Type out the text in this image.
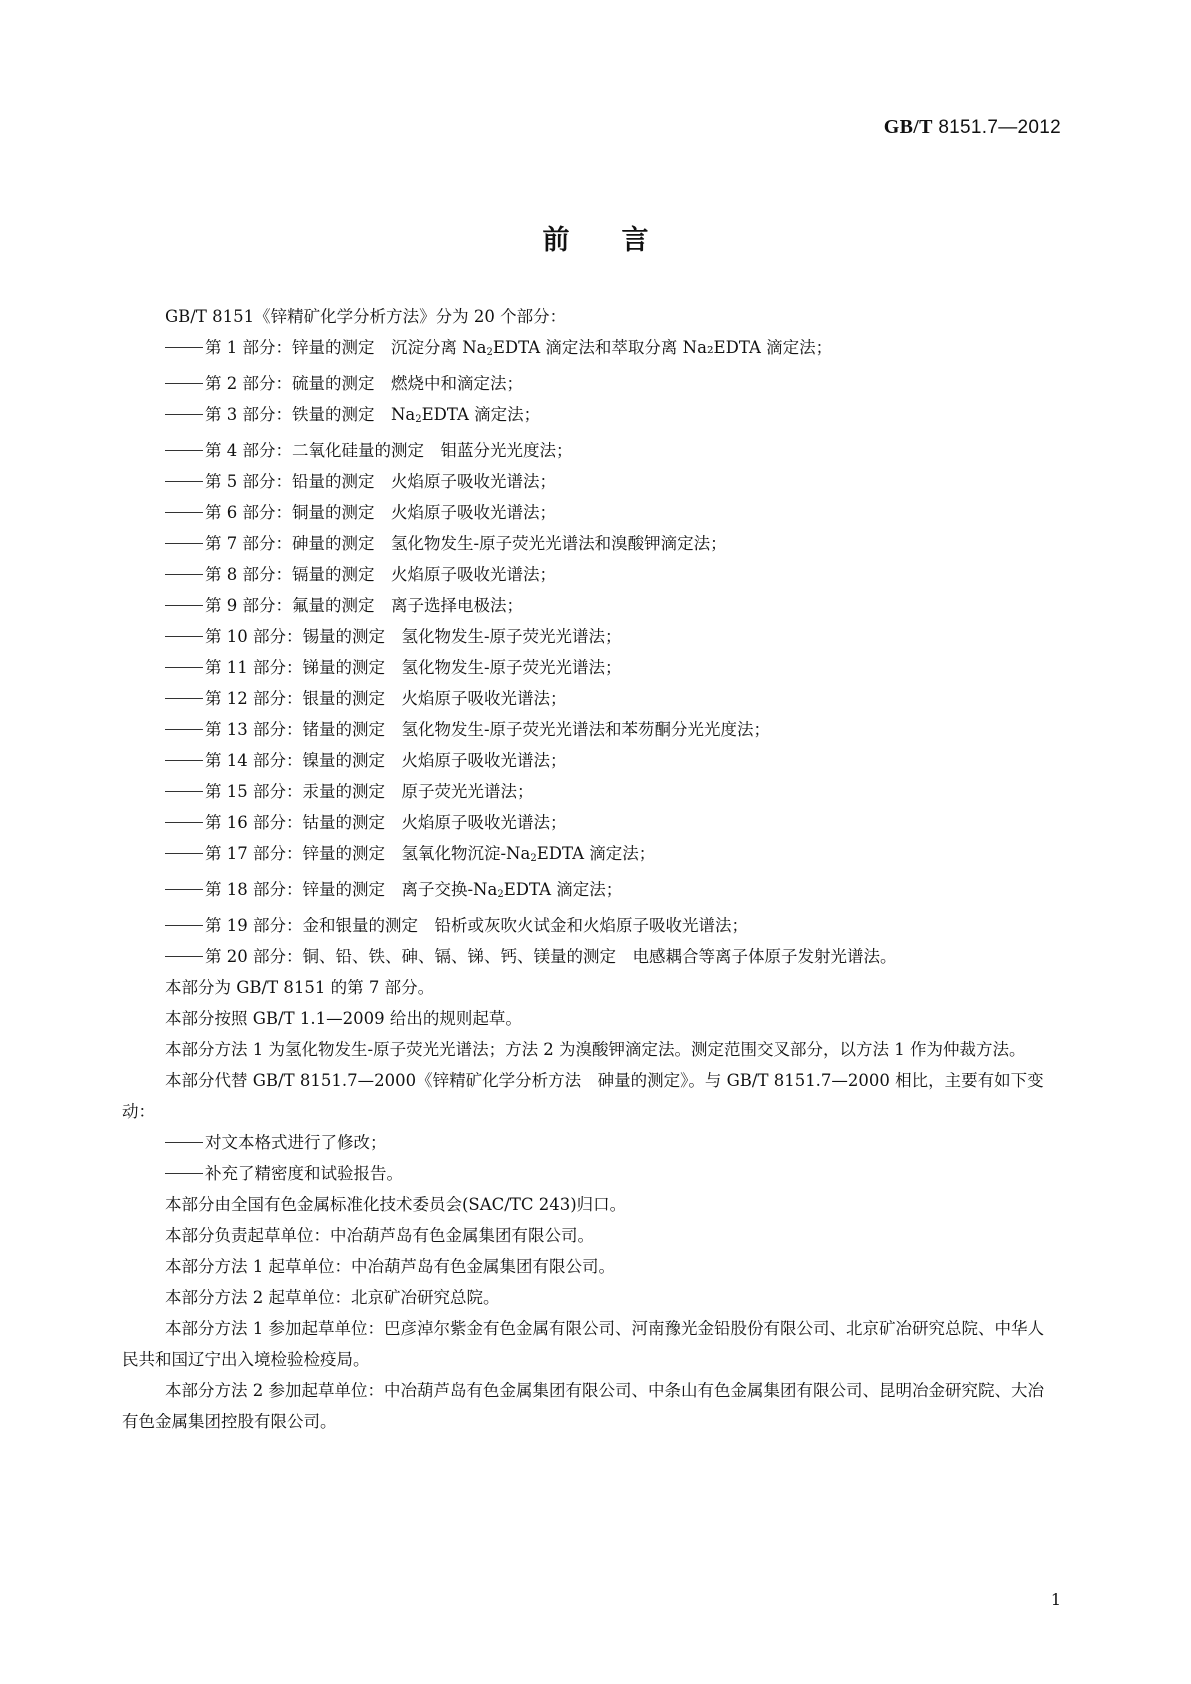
GB/T 8151.7—2012
前言

GB/T 8151《锌精矿化学分析方法》分为 20 个部分：

第 1 部分：锌量的测定　沉淀分离 $Na_2EDTA$ 滴定法和萃取分离 Na₂EDTA 滴定法；

第 2 部分：硫量的测定　燃烧中和滴定法；

第 3 部分：铁量的测定　$Na_2EDTA$ 滴定法；

第 4 部分：二氧化硅量的测定　钼蓝分光光度法；

第 5 部分：铅量的测定　火焰原子吸收光谱法；

第 6 部分：铜量的测定　火焰原子吸收光谱法；

第 7 部分：砷量的测定　氢化物发生-原子荧光光谱法和溴酸钾滴定法；

第 8 部分：镉量的测定　火焰原子吸收光谱法；

第 9 部分：氟量的测定　离子选择电极法；

第 10 部分：锡量的测定　氢化物发生-原子荧光光谱法；

第 11 部分：锑量的测定　氢化物发生-原子荧光光谱法；

第 12 部分：银量的测定　火焰原子吸收光谱法；

第 13 部分：锗量的测定　氢化物发生-原子荧光光谱法和苯芴酮分光光度法；

第 14 部分：镍量的测定　火焰原子吸收光谱法；

第 15 部分：汞量的测定　原子荧光光谱法；

第 16 部分：钴量的测定　火焰原子吸收光谱法；

第 17 部分：锌量的测定　氢氧化物沉淀$-Na_2EDTA$ 滴定法；

第 18 部分：锌量的测定　离子交换$-Na_2EDTA$ 滴定法；

第 19 部分：金和银量的测定　铅析或灰吹火试金和火焰原子吸收光谱法；

第 20 部分：铜、铅、铁、砷、镉、锑、钙、镁量的测定　电感耦合等离子体原子发射光谱法。

本部分为 GB/T 8151 的第 7 部分。

本部分按照 GB/T 1.1—2009 给出的规则起草。

本部分方法 1 为氢化物发生-原子荧光光谱法；方法 2 为溴酸钾滴定法。测定范围交叉部分，以方法 1 作为仲裁方法。

本部分代替 GB/T 8151.7—2000《锌精矿化学分析方法　砷量的测定》。与 GB/T 8151.7—2000 相比，主要有如下变动：

对文本格式进行了修改；

补充了精密度和试验报告。

本部分由全国有色金属标准化技术委员会(SAC/TC 243)归口。

本部分负责起草单位：中冶葫芦岛有色金属集团有限公司。

本部分方法 1 起草单位：中冶葫芦岛有色金属集团有限公司。

本部分方法 2 起草单位：北京矿冶研究总院。

本部分方法 1 参加起草单位：巴彦淖尔紫金有色金属有限公司、河南豫光金铅股份有限公司、北京矿冶研究总院、中华人民共和国辽宁出入境检验检疫局。

本部分方法 2 参加起草单位：中冶葫芦岛有色金属集团有限公司、中条山有色金属集团有限公司、昆明冶金研究院、大冶有色金属集团控股有限公司。

1
